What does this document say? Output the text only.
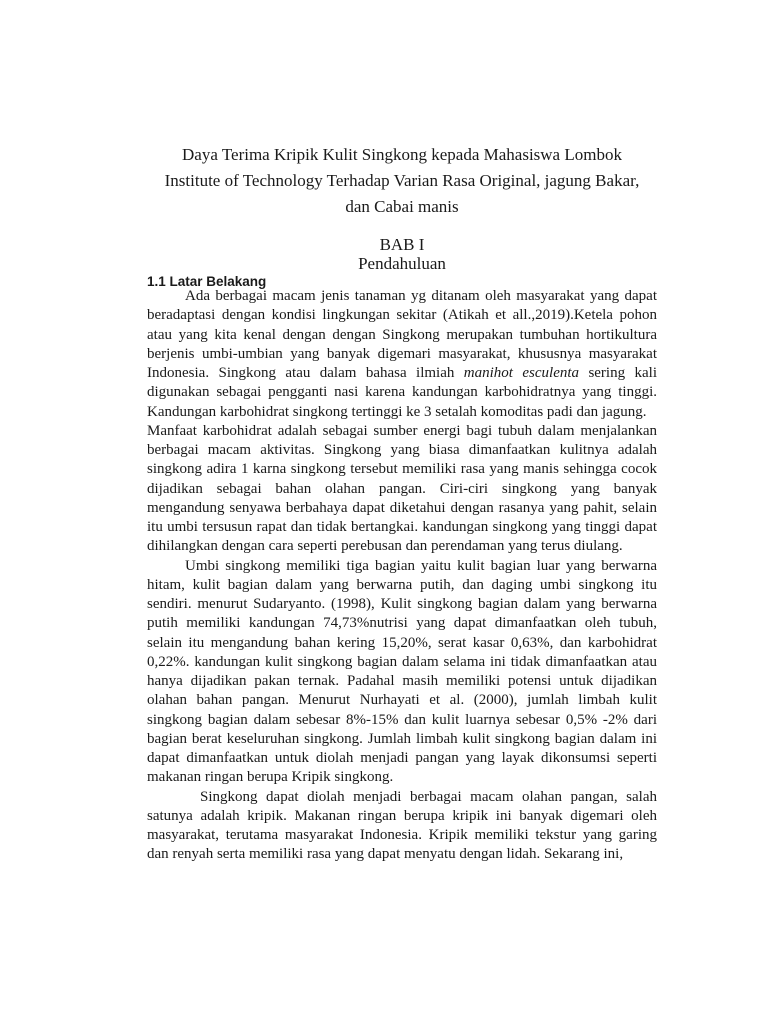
Daya Terima Kripik Kulit Singkong kepada Mahasiswa Lombok
Institute of Technology Terhadap Varian Rasa Original, jagung Bakar,
dan Cabai manis
BAB I
Pendahuluan
1.1 Latar Belakang

Ada berbagai macam jenis tanaman yg ditanam oleh masyarakat yang dapat beradaptasi dengan kondisi lingkungan sekitar (Atikah et all.,2019).Ketela pohon atau yang kita kenal dengan dengan Singkong merupakan tumbuhan hortikultura berjenis umbi-umbian yang banyak digemari masyarakat, khususnya masyarakat Indonesia. Singkong atau dalam bahasa ilmiah manihot esculenta sering kali digunakan sebagai pengganti nasi karena kandungan karbohidratnya yang tinggi. Kandungan karbohidrat singkong tertinggi ke 3 setalah komoditas padi dan jagung.

Manfaat karbohidrat adalah sebagai sumber energi bagi tubuh dalam menjalankan berbagai macam aktivitas. Singkong yang biasa dimanfaatkan kulitnya adalah singkong adira 1 karna singkong tersebut memiliki rasa yang manis sehingga cocok dijadikan sebagai bahan olahan pangan. Ciri-ciri singkong yang banyak mengandung senyawa berbahaya dapat diketahui dengan rasanya yang pahit, selain itu umbi tersusun rapat dan tidak bertangkai. kandungan singkong yang tinggi dapat dihilangkan dengan cara seperti perebusan dan perendaman yang terus diulang.

Umbi singkong memiliki tiga bagian yaitu kulit bagian luar yang berwarna hitam, kulit bagian dalam yang berwarna putih, dan daging umbi singkong itu sendiri. menurut Sudaryanto. (1998), Kulit singkong bagian dalam yang berwarna putih memiliki kandungan 74,73%nutrisi yang dapat dimanfaatkan oleh tubuh, selain itu mengandung bahan kering 15,20%, serat kasar 0,63%, dan karbohidrat 0,22%. kandungan kulit singkong bagian dalam selama ini tidak dimanfaatkan atau hanya dijadikan pakan ternak. Padahal masih memiliki potensi untuk dijadikan olahan bahan pangan. Menurut Nurhayati et al. (2000), jumlah limbah kulit singkong bagian dalam sebesar 8%-15% dan kulit luarnya sebesar 0,5% -2% dari bagian berat keseluruhan singkong. Jumlah limbah kulit singkong bagian dalam ini dapat dimanfaatkan untuk diolah menjadi pangan yang layak dikonsumsi seperti makanan ringan berupa Kripik singkong.

Singkong dapat diolah menjadi berbagai macam olahan pangan, salah satunya adalah kripik. Makanan ringan berupa kripik ini banyak digemari oleh masyarakat, terutama masyarakat Indonesia. Kripik memiliki tekstur yang garing dan renyah serta memiliki rasa yang dapat menyatu dengan lidah. Sekarang ini,
